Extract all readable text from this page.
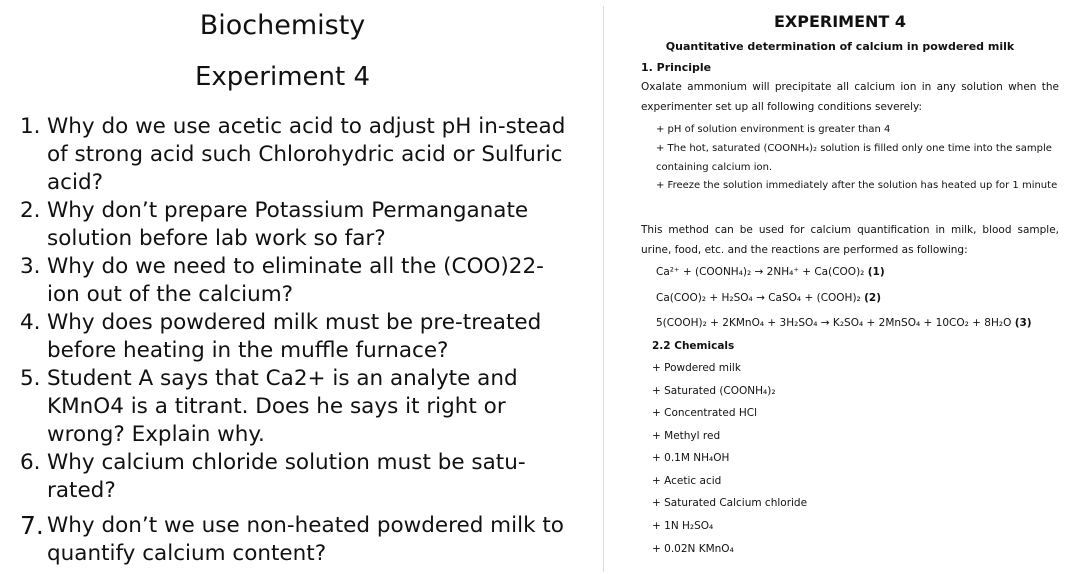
Biochemisty
Experiment 4
1. Why do we use acetic acid to adjust pH in-stead of strong acid such Chlorohydric acid or Sulfuric acid?
2. Why don’t prepare Potassium Permanganate solution before lab work so far?
3. Why do we need to eliminate all the (COO)22- ion out of the calcium?
4. Why does powdered milk must be pre-treated before heating in the muffle furnace?
5. Student A says that Ca2+ is an analyte and KMnO4 is a titrant. Does he says it right or wrong? Explain why.
6. Why calcium chloride solution must be satu-rated?
7. Why don’t we use non-heated powdered milk to quantify calcium content?
EXPERIMENT 4
Quantitative determination of calcium in powdered milk
1. Principle
Oxalate ammonium will precipitate all calcium ion in any solution when the experimenter set up all following conditions severely:
+ pH of solution environment is greater than 4
+ The hot, saturated (COONH₄)₂ solution is filled only one time into the sample containing calcium ion.
+ Freeze the solution immediately after the solution has heated up for 1 minute
This method can be used for calcium quantification in milk, blood sample, urine, food, etc. and the reactions are performed as following:
Ca²⁺ + (COONH₄)₂ → 2NH₄⁺ + Ca(COO)₂ (1)
Ca(COO)₂ + H₂SO₄ → CaSO₄ + (COOH)₂ (2)
5(COOH)₂ + 2KMnO₄ + 3H₂SO₄ → K₂SO₄ + 2MnSO₄ + 10CO₂ + 8H₂O (3)
2.2 Chemicals
+ Powdered milk
+ Saturated (COONH₄)₂
+ Concentrated HCl
+ Methyl red
+ 0.1M NH₄OH
+ Acetic acid
+ Saturated Calcium chloride
+ 1N H₂SO₄
+ 0.02N KMnO₄
